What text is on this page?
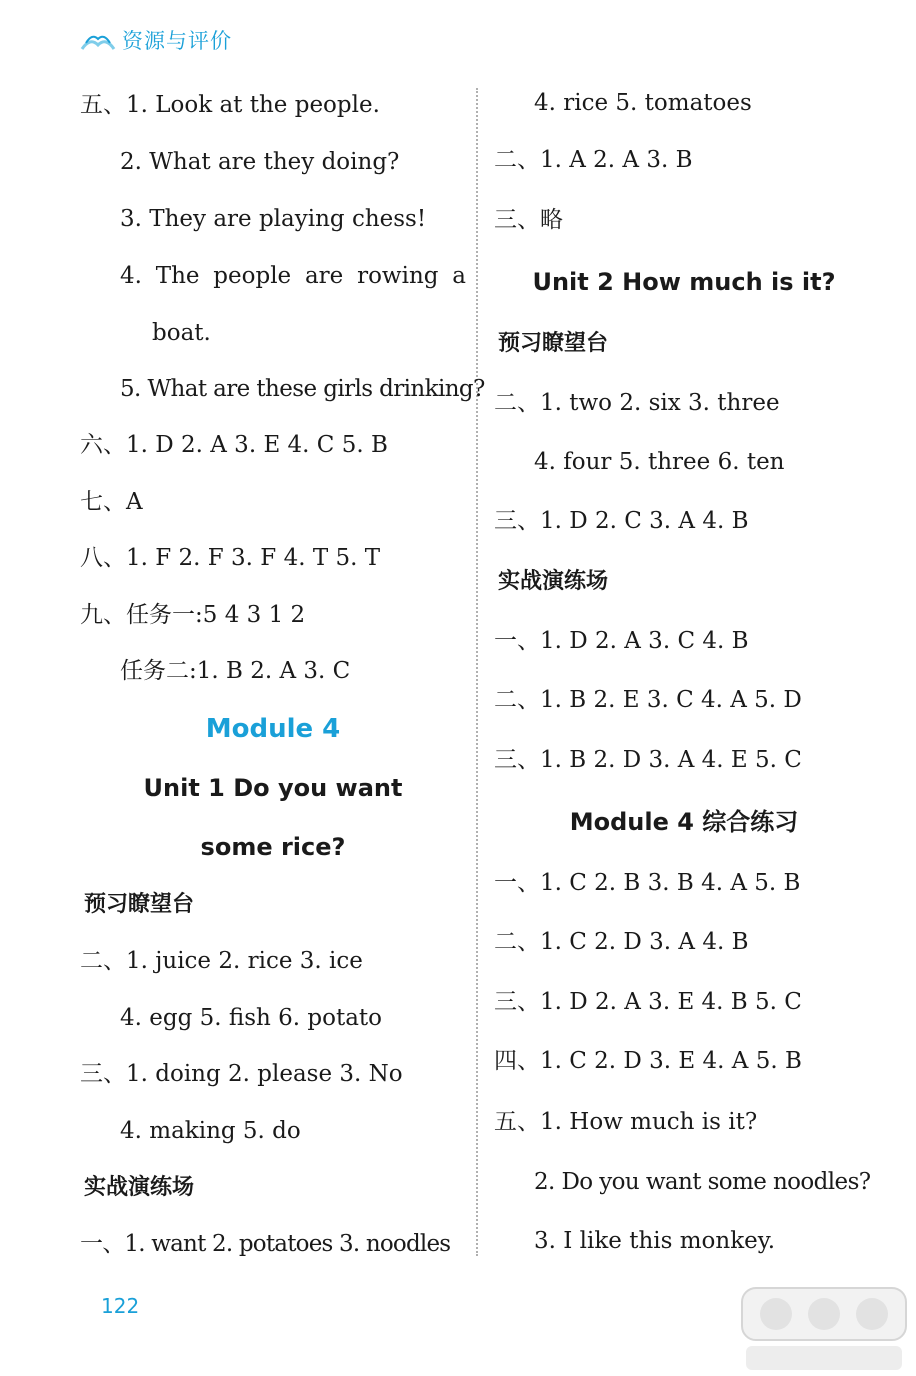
资源与评价
五、1. Look at the people.
2. What are they doing?
3. They are playing chess!
4. The people are rowing a
boat.
5. What are these girls drinking?
六、1. D 2. A 3. E 4. C 5. B
七、A
八、1. F 2. F 3. F 4. T 5. T
九、任务一:5 4 3 1 2
任务二:1. B 2. A 3. C
Module 4
Unit 1 Do you want
some rice?
预习瞭望台
二、1. juice 2. rice 3. ice
4. egg 5. fish 6. potato
三、1. doing 2. please 3. No
4. making 5. do
实战演练场
一、1. want 2. potatoes 3. noodles
4. rice 5. tomatoes
二、1. A 2. A 3. B
三、略
Unit 2 How much is it?
预习瞭望台
二、1. two 2. six 3. three
4. four 5. three 6. ten
三、1. D 2. C 3. A 4. B
实战演练场
一、1. D 2. A 3. C 4. B
二、1. B 2. E 3. C 4. A 5. D
三、1. B 2. D 3. A 4. E 5. C
Module 4 综合练习
一、1. C 2. B 3. B 4. A 5. B
二、1. C 2. D 3. A 4. B
三、1. D 2. A 3. E 4. B 5. C
四、1. C 2. D 3. E 4. A 5. B
五、1. How much is it?
2. Do you want some noodles?
3. I like this monkey.
122
